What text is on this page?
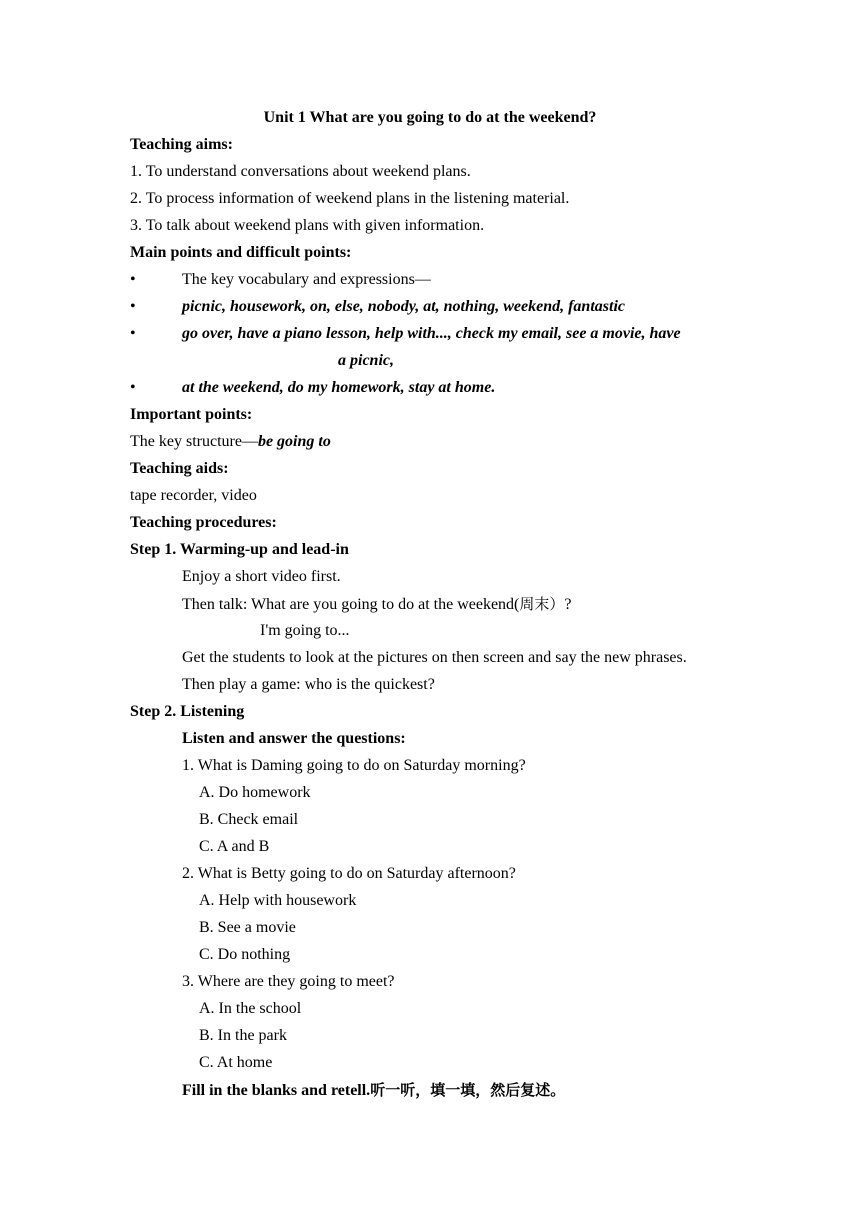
Unit 1 What are you going to do at the weekend?
Teaching aims:
1. To understand conversations about weekend plans.
2. To process information of weekend plans in the listening material.
3. To talk about weekend plans with given information.
Main points and difficult points:
•	The key vocabulary and expressions—
•	picnic, housework, on, else, nobody, at, nothing, weekend, fantastic
•	go over, have a piano lesson, help with..., check my email, see a movie, have
a picnic,
•	at the weekend, do my homework, stay at home.
Important points:
The key structure—be going to
Teaching aids:
tape recorder, video
Teaching procedures:
Step 1. Warming-up and lead-in
Enjoy a short video first.
Then talk: What are you going to do at the weekend(周末）?
I'm going to...
Get the students to look at the pictures on then screen and say the new phrases.
Then play a game: who is the quickest?
Step 2. Listening
Listen and answer the questions:
1. What is Daming going to do on Saturday morning?
A. Do homework
B. Check email
C. A and B
2. What is Betty going to do on Saturday afternoon?
A. Help with housework
B. See a movie
C. Do nothing
3. Where are they going to meet?
A. In the school
B. In the park
C. At home
Fill in the blanks and retell.听一听，填一填，然后复述。
